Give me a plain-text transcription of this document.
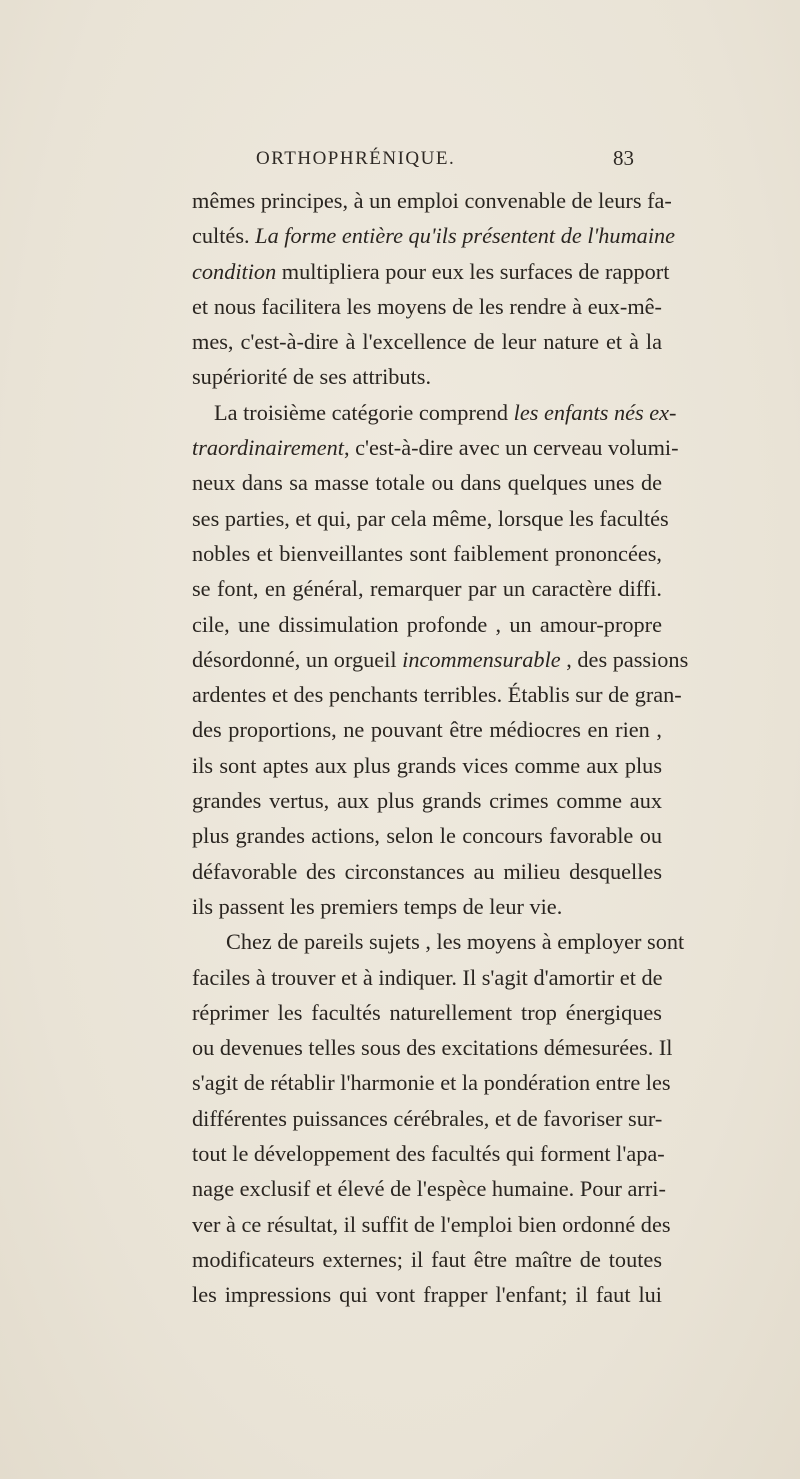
ORTHOPHRÉNIQUE.	83
mêmes principes, à un emploi convenable de leurs fa-
cultés. La forme entière qu'ils présentent de l'humaine
condition multipliera pour eux les surfaces de rapport
et nous facilitera les moyens de les rendre à eux-mê-
mes, c'est-à-dire à l'excellence de leur nature et à la
supériorité de ses attributs.
La troisième catégorie comprend les enfants nés ex-
traordinairement, c'est-à-dire avec un cerveau volumi-
neux dans sa masse totale ou dans quelques unes de
ses parties, et qui, par cela même, lorsque les facultés
nobles et bienveillantes sont faiblement prononcées,
se font, en général, remarquer par un caractère diffi.
cile, une dissimulation profonde , un amour-propre
désordonné, un orgueil incommensurable , des passions
ardentes et des penchants terribles. Établis sur de gran-
des proportions, ne pouvant être médiocres en rien ,
ils sont aptes aux plus grands vices comme aux plus
grandes vertus, aux plus grands crimes comme aux
plus grandes actions, selon le concours favorable ou
défavorable des circonstances au milieu desquelles
ils passent les premiers temps de leur vie.
Chez de pareils sujets , les moyens à employer sont
faciles à trouver et à indiquer. Il s'agit d'amortir et de
réprimer les facultés naturellement trop énergiques
ou devenues telles sous des excitations démesurées. Il
s'agit de rétablir l'harmonie et la pondération entre les
différentes puissances cérébrales, et de favoriser sur-
tout le développement des facultés qui forment l'apa-
nage exclusif et élevé de l'espèce humaine. Pour arri-
ver à ce résultat, il suffit de l'emploi bien ordonné des
modificateurs externes; il faut être maître de toutes
les impressions qui vont frapper l'enfant; il faut lui
